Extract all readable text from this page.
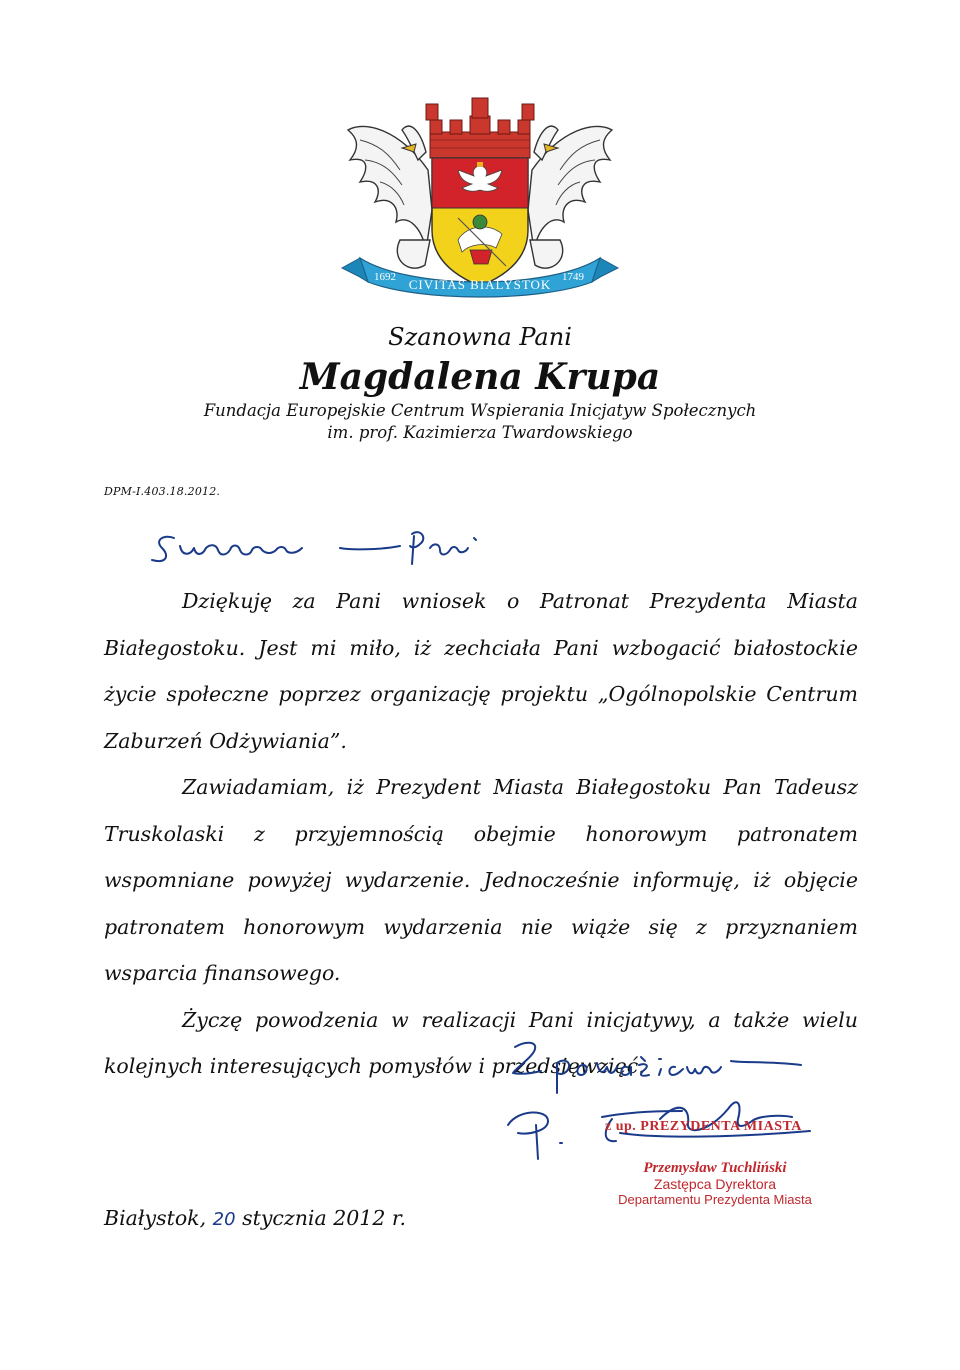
1692 CIVITAS BIALYSTOK 1749
Szanowna Pani
Magdalena Krupa
Fundacja Europejskie Centrum Wspierania Inicjatyw Społecznych
im. prof. Kazimierza Twardowskiego
DPM-I.403.18.2012.

Dziękuję za Pani wniosek o Patronat Prezydenta Miasta Białegostoku. Jest mi miło, iż zechciała Pani wzbogacić białostockie życie społeczne poprzez organizację projektu „Ogólnopolskie Centrum Zaburzeń Odżywiania”.

Zawiadamiam, iż Prezydent Miasta Białegostoku Pan Tadeusz Truskolaski z przyjemnością obejmie honorowym patronatem wspomniane powyżej wydarzenie. Jednocześnie informuję, iż objęcie patronatem honorowym wydarzenia nie wiąże się z przyznaniem wsparcia finansowego.

Życzę powodzenia w realizacji Pani inicjatywy, a także wielu kolejnych interesujących pomysłów i przedsięwzięć.

z up. PREZYDENTA MIASTA
Przemysław Tuchliński
Zastępca Dyrektora
Departamentu Prezydenta Miasta
Białystok, 20 stycznia 2012 r.
